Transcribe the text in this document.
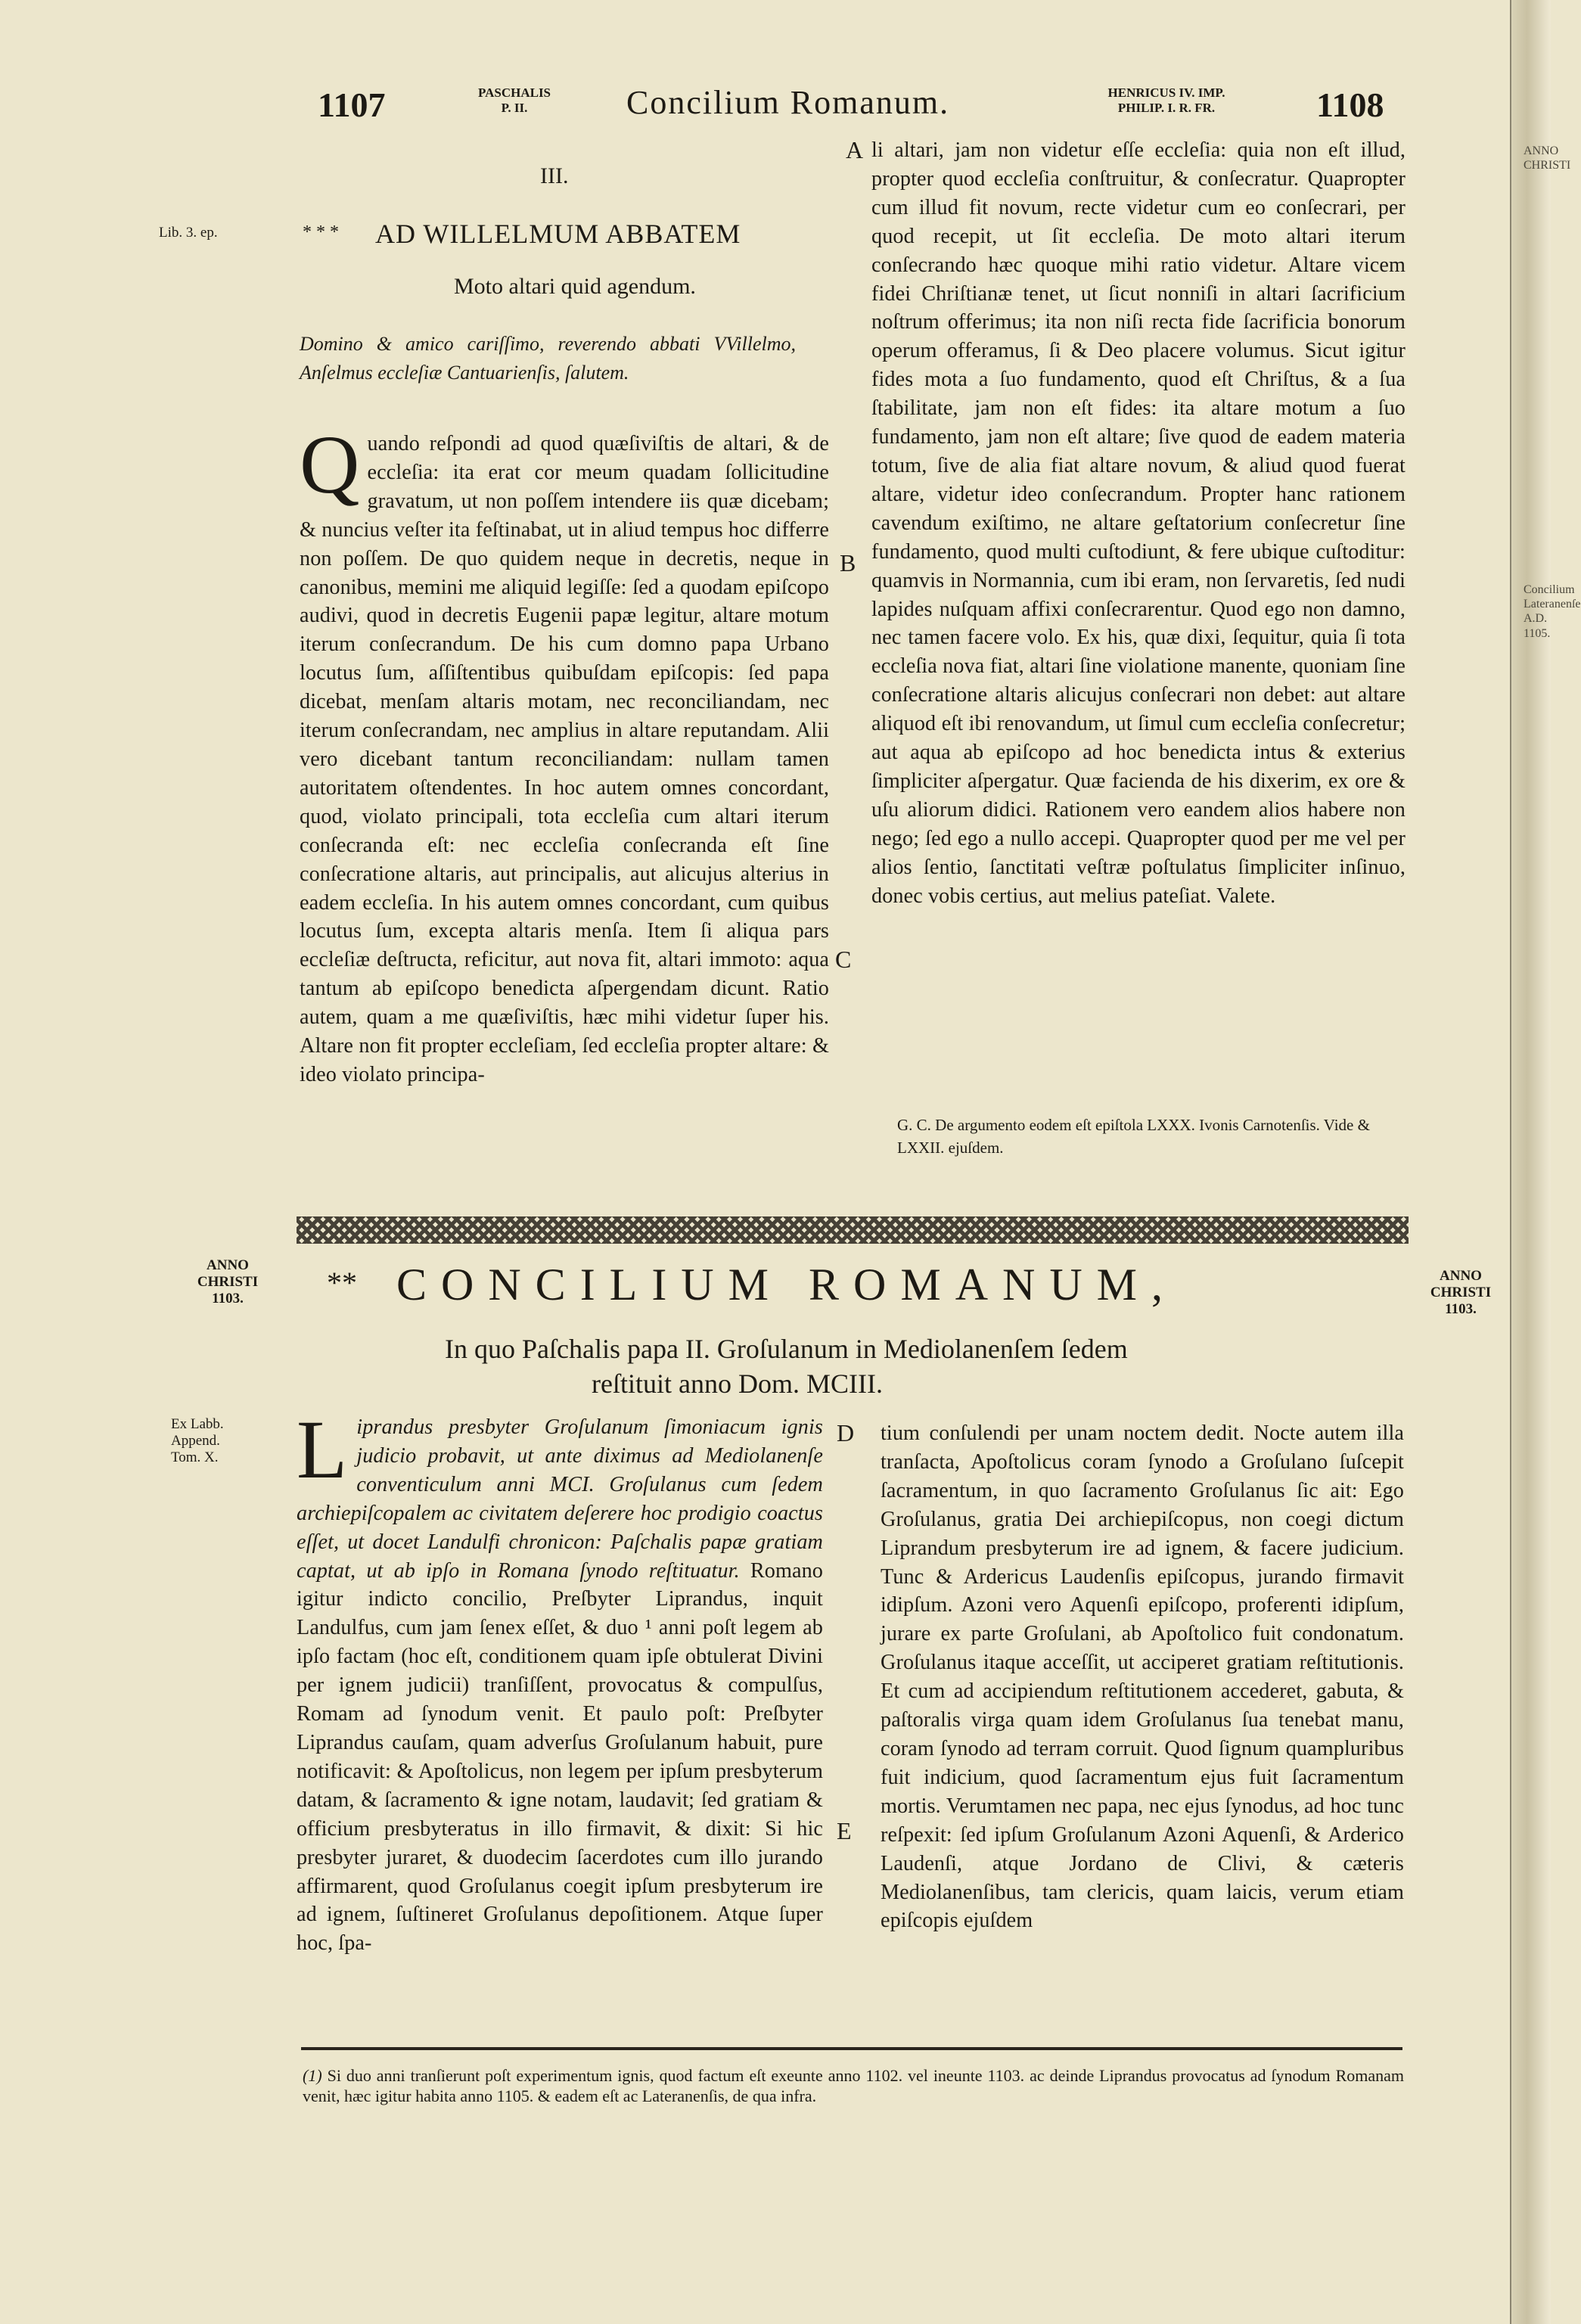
ANNO CHRISTI
Concilium Lateranenſe A.D. 1105.
1107	PASCHALIS
P. II.	Concilium Romanum.	HENRICUS IV. IMP.
PHILIP. I. R. FR.	1108
III.
Lib. 3. ep.	* * * AD WILLELMUM ABBATEM
Moto altari quid agendum.
Domino & amico cariſſimo, reverendo abbati VVillelmo, Anſelmus eccleſiæ Cantuarienſis, ſalutem.
Q uando reſpondi ad quod quæſiviſtis de altari, & de eccleſia: ita erat cor meum quadam ſollicitudine gravatum, ut non poſſem intendere iis quæ dicebam; & nuncius veſter ita feſtinabat, ut in aliud tempus hoc differre non poſſem. De quo quidem neque in decretis, neque in canonibus, memini me aliquid legiſſe: ſed a quodam epiſcopo audivi, quod in decretis Eugenii papæ legitur, altare motum iterum conſecrandum. De his cum domno papa Urbano locutus ſum, aſſiſtentibus quibuſdam epiſcopis: ſed papa dicebat, menſam altaris motam, nec reconciliandam, nec iterum conſecrandam, nec amplius in altare reputandam. Alii vero dicebant tantum reconciliandam: nullam tamen autoritatem oſtendentes. In hoc autem omnes concordant, quod, violato principali, tota eccleſia cum altari iterum conſecranda eſt: nec eccleſia conſecranda eſt ſine conſecratione altaris, aut principalis, aut alicujus alterius in eadem eccleſia. In his autem omnes concordant, cum quibus locutus ſum, excepta altaris menſa. Item ſi aliqua pars eccleſiæ deſtructa, reficitur, aut nova fit, altari immoto: aqua tantum ab epiſcopo benedicta aſpergendam dicunt. Ratio autem, quam a me quæſiviſtis, hæc mihi videtur ſuper his. Altare non fit propter eccleſiam, ſed eccleſia propter altare: & ideo violato principa-
A
B
C
li altari, jam non videtur eſſe eccleſia: quia non eſt illud, propter quod eccleſia conſtruitur, & conſecratur. Quapropter cum illud fit novum, recte videtur cum eo conſecrari, per quod recepit, ut ſit eccleſia. De moto altari iterum conſecrando hæc quoque mihi ratio videtur. Altare vicem fidei Chriſtianæ tenet, ut ſicut nonniſi in altari ſacrificium noſtrum offerimus; ita non niſi recta fide ſacrificia bonorum operum offeramus, ſi & Deo placere volumus. Sicut igitur fides mota a ſuo fundamento, quod eſt Chriſtus, & a ſua ſtabilitate, jam non eſt fides: ita altare motum a ſuo fundamento, jam non eſt altare; ſive quod de eadem materia totum, ſive de alia fiat altare novum, & aliud quod fuerat altare, videtur ideo conſecrandum. Propter hanc rationem cavendum exiſtimo, ne altare geſtatorium conſecretur ſine fundamento, quod multi cuſtodiunt, & fere ubique cuſtoditur: quamvis in Normannia, cum ibi eram, non ſervaretis, ſed nudi lapides nuſquam affixi conſecrarentur. Quod ego non damno, nec tamen facere volo. Ex his, quæ dixi, ſequitur, quia ſi tota eccleſia nova fiat, altari ſine violatione manente, quoniam ſine conſecratione altaris alicujus conſecrari non debet: aut altare aliquod eſt ibi renovandum, ut ſimul cum eccleſia conſecretur; aut aqua ab epiſcopo ad hoc benedicta intus & exterius ſimpliciter aſpergatur. Quæ facienda de his dixerim, ex ore & uſu aliorum didici. Rationem vero eandem alios habere non nego; ſed ego a nullo accepi. Quapropter quod per me vel per alios ſentio, ſanctitati veſtræ poſtulatus ſimpliciter inſinuo, donec vobis certius, aut melius pateſiat. Valete.
G. C. De argumento eodem eſt epiſtola LXXX. Ivonis Carnotenſis. Vide & LXXII. ejuſdem.
ANNO
CHRISTI
1103.
ANNO
CHRISTI
1103.
** CONCILIUM ROMANUM,
In quo Paſchalis papa II. Groſulanum in Mediolanenſem ſedem
reſtituit anno Dom. MCIII.
Ex Labb.
Append.
Tom. X. L iprandus presbyter Groſulanum ſimoniacum ignis judicio probavit, ut ante diximus ad Mediolanenſe conventiculum anni MCI. Groſulanus cum ſedem archiepiſcopalem ac civitatem deſerere hoc prodigio coactus eſſet, ut docet Landulfi chronicon: Paſchalis papæ gratiam captat, ut ab ipſo in Romana ſynodo reſtituatur. Romano igitur indicto concilio, Preſbyter Liprandus, inquit Landulfus, cum jam ſenex eſſet, & duo ¹ anni poſt legem ab ipſo factam (hoc eſt, conditionem quam ipſe obtulerat Divini per ignem judicii) tranſiſſent, provocatus & compulſus, Romam ad ſynodum venit. Et paulo poſt: Preſbyter Liprandus cauſam, quam adverſus Groſulanum habuit, pure notificavit: & Apoſtolicus, non legem per ipſum presbyterum datam, & ſacramento & igne notam, laudavit; ſed gratiam & officium presbyteratus in illo firmavit, & dixit: Si hic presbyter juraret, & duodecim ſacerdotes cum illo jurando affirmarent, quod Groſulanus coegit ipſum presbyterum ire ad ignem, ſuſtineret Groſulanus depoſitionem. Atque ſuper hoc, ſpa-
D
E
tium conſulendi per unam noctem dedit. Nocte autem illa tranſacta, Apoſtolicus coram ſynodo a Groſulano ſuſcepit ſacramentum, in quo ſacramento Groſulanus ſic ait: Ego Groſulanus, gratia Dei archiepiſcopus, non coegi dictum Liprandum presbyterum ire ad ignem, & facere judicium. Tunc & Ardericus Laudenſis epiſcopus, jurando firmavit idipſum. Azoni vero Aquenſi epiſcopo, proferenti idipſum, jurare ex parte Groſulani, ab Apoſtolico fuit condonatum. Groſulanus itaque acceſſit, ut acciperet gratiam reſtitutionis. Et cum ad accipiendum reſtitutionem accederet, gabuta, & paſtoralis virga quam idem Groſulanus ſua tenebat manu, coram ſynodo ad terram corruit. Quod ſignum quampluribus fuit indicium, quod ſacramentum ejus fuit ſacramentum mortis. Verumtamen nec papa, nec ejus ſynodus, ad hoc tunc reſpexit: ſed ipſum Groſulanum Azoni Aquenſi, & Arderico Laudenſi, atque Jordano de Clivi, & cæteris Mediolanenſibus, tam clericis, quam laicis, verum etiam epiſcopis ejuſdem
(1) Si duo anni tranſierunt poſt experimentum ignis, quod factum eſt exeunte anno 1102. vel ineunte 1103. ac deinde Liprandus provocatus ad ſynodum Romanam venit, hæc igitur habita anno 1105. & eadem eſt ac Lateranenſis, de qua infra.
